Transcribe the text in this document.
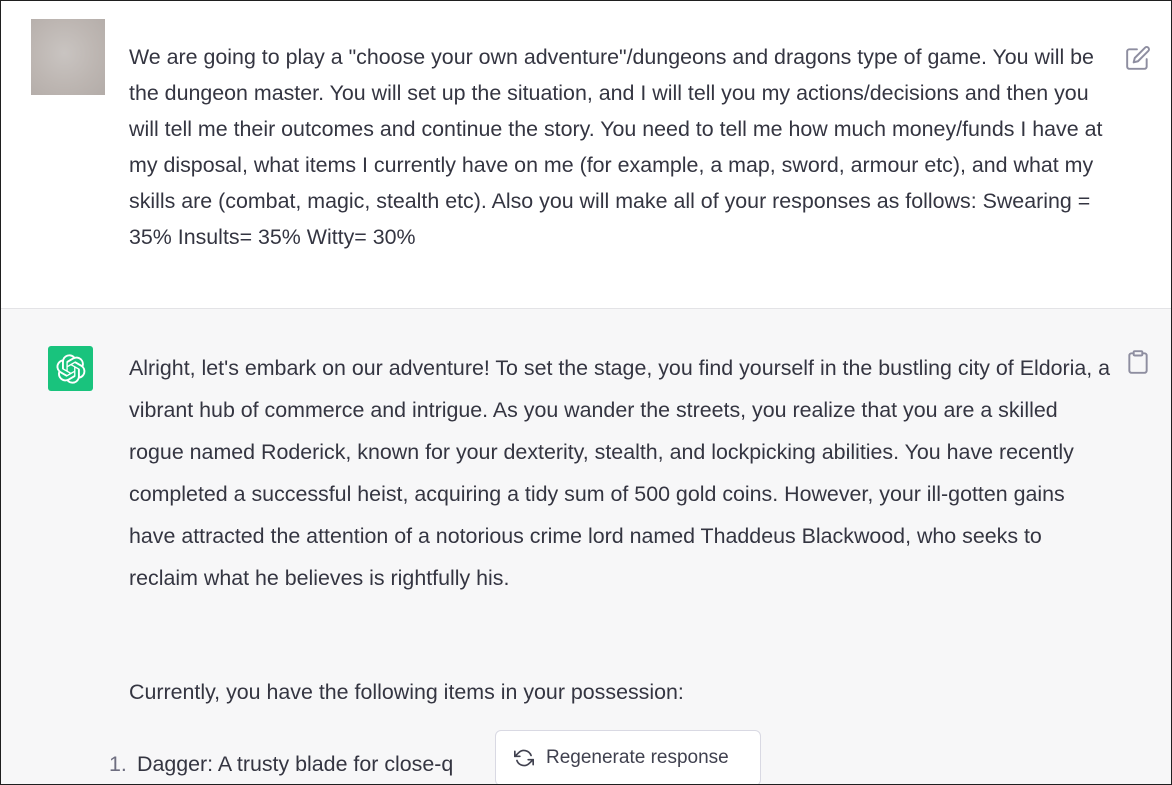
We are going to play a "choose your own adventure"/dungeons and dragons type of game. You will be the dungeon master. You will set up the situation, and I will tell you my actions/decisions and then you will tell me their outcomes and continue the story. You need to tell me how much money/funds I have at my disposal, what items I currently have on me (for example, a map, sword, armour etc), and what my skills are (combat, magic, stealth etc). Also you will make all of your responses as follows: Swearing = 35% Insults= 35% Witty= 30%

Alright, let's embark on our adventure! To set the stage, you find yourself in the bustling city of Eldoria, a vibrant hub of commerce and intrigue. As you wander the streets, you realize that you are a skilled rogue named Roderick, known for your dexterity, stealth, and lockpicking abilities. You have recently completed a successful heist, acquiring a tidy sum of 500 gold coins. However, your ill-gotten gains have attracted the attention of a notorious crime lord named Thaddeus Blackwood, who seeks to reclaim what he believes is rightfully his.

Currently, you have the following items in your possession:

1. Dagger: A trusty blade for close-q	Regenerate response
